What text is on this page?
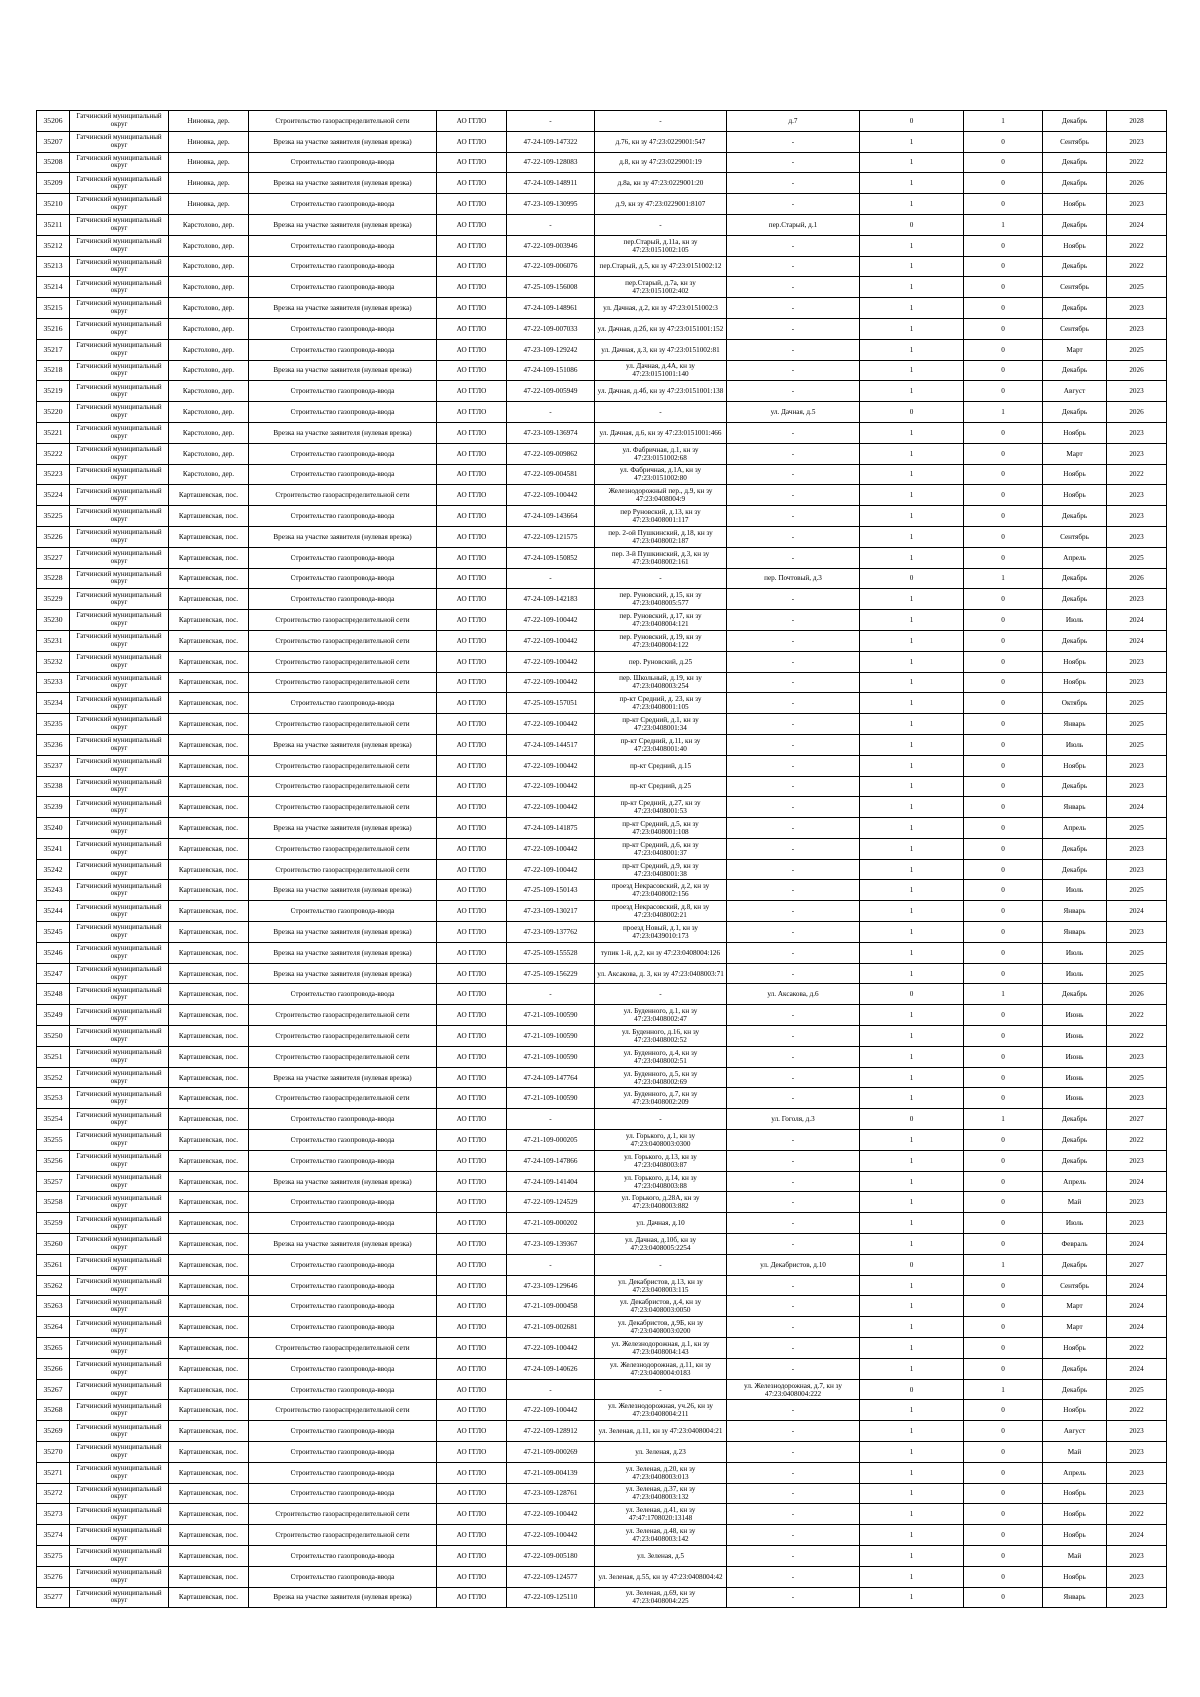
35206	Гатчинский муниципальный округ	Ниновка, дер.	Строительство газораспределительной сети	АО ГГЛО	-	-	д.7	0	1	Декабрь	2028
35207	Гатчинский муниципальный округ	Ниновка, дер.	Врезка на участке заявителя (нулевая врезка)	АО ГГЛО	47-24-109-147322	д.76, кн зу 47:23:0229001:547	-	1	0	Сентябрь	2023
35208	Гатчинский муниципальный округ	Ниновка, дер.	Строительство газопровода-ввода	АО ГГЛО	47-22-109-128083	д.8, кн зу 47:23:0229001:19	-	1	0	Декабрь	2022
35209	Гатчинский муниципальный округ	Ниновка, дер.	Врезка на участке заявителя (нулевая врезка)	АО ГГЛО	47-24-109-148911	д.8а, кн зу 47:23:0229001:20	-	1	0	Декабрь	2026
35210	Гатчинский муниципальный округ	Ниновка, дер.	Строительство газопровода-ввода	АО ГГЛО	47-23-109-130995	д.9, кн зу 47:23:0229001:8107	-	1	0	Ноябрь	2023
35211	Гатчинский муниципальный округ	Карстолово, дер.	Врезка на участке заявителя (нулевая врезка)	АО ГГЛО	-	-	пер.Старый, д.1	0	1	Декабрь	2024
35212	Гатчинский муниципальный округ	Карстолово, дер.	Строительство газопровода-ввода	АО ГГЛО	47-22-109-003946	пер.Старый, д.11а, кн зу 47:23:0151002:105	-	1	0	Ноябрь	2022
35213	Гатчинский муниципальный округ	Карстолово, дер.	Строительство газопровода-ввода	АО ГГЛО	47-22-109-006076	пер.Старый, д.5, кн зу 47:23:0151002:12	-	1	0	Декабрь	2022
35214	Гатчинский муниципальный округ	Карстолово, дер.	Строительство газопровода-ввода	АО ГГЛО	47-25-109-156008	пер.Старый, д.7а, кн зу 47:23:0151002:402	-	1	0	Сентябрь	2025
35215	Гатчинский муниципальный округ	Карстолово, дер.	Врезка на участке заявителя (нулевая врезка)	АО ГГЛО	47-24-109-148961	ул. Дачная, д.2, кн зу 47:23:0151002:3	-	1	0	Декабрь	2023
35216	Гатчинский муниципальный округ	Карстолово, дер.	Строительство газопровода-ввода	АО ГГЛО	47-22-109-007033	ул. Дачная, д.2б, кн зу 47:23:0151001:152	-	1	0	Сентябрь	2023
35217	Гатчинский муниципальный округ	Карстолово, дер.	Строительство газопровода-ввода	АО ГГЛО	47-23-109-129242	ул. Дачная, д.3, кн зу 47:23:0151002:81	-	1	0	Март	2025
35218	Гатчинский муниципальный округ	Карстолово, дер.	Врезка на участке заявителя (нулевая врезка)	АО ГГЛО	47-24-109-151086	ул. Дачная, д.4А, кн зу 47:23:0151001:140	-	1	0	Декабрь	2026
35219	Гатчинский муниципальный округ	Карстолово, дер.	Строительство газопровода-ввода	АО ГГЛО	47-22-109-005949	ул. Дачная, д.4б, кн зу 47:23:0151001:138	-	1	0	Август	2023
35220	Гатчинский муниципальный округ	Карстолово, дер.	Строительство газопровода-ввода	АО ГГЛО	-	-	ул. Дачная, д.5	0	1	Декабрь	2026
35221	Гатчинский муниципальный округ	Карстолово, дер.	Врезка на участке заявителя (нулевая врезка)	АО ГГЛО	47-23-109-136974	ул. Дачная, д.6, кн зу 47:23:0151001:466	-	1	0	Ноябрь	2023
35222	Гатчинский муниципальный округ	Карстолово, дер.	Строительство газопровода-ввода	АО ГГЛО	47-22-109-009862	ул. Фабричная, д.1, кн зу 47:23:0151002:68	-	1	0	Март	2023
35223	Гатчинский муниципальный округ	Карстолово, дер.	Строительство газопровода-ввода	АО ГГЛО	47-22-109-004581	ул. Фабричная, д.1А, кн зу 47:23:0151002:80	-	1	0	Ноябрь	2022
35224	Гатчинский муниципальный округ	Карташевская, пос.	Строительство газораспределительной сети	АО ГГЛО	47-22-109-100442	Железнодорожный пер., д.9, кн зу 47:23:0408004:9	-	1	0	Ноябрь	2023
35225	Гатчинский муниципальный округ	Карташевская, пос.	Строительство газопровода-ввода	АО ГГЛО	47-24-109-143664	пер Руновский, д.13, кн зу 47:23:0408001:117	-	1	0	Декабрь	2023
35226	Гатчинский муниципальный округ	Карташевская, пос.	Врезка на участке заявителя (нулевая врезка)	АО ГГЛО	47-22-109-121575	пер. 2-ой Пушкинский, д.18, кн зу 47:23:0408002:187	-	1	0	Сентябрь	2023
35227	Гатчинский муниципальный округ	Карташевская, пос.	Строительство газопровода-ввода	АО ГГЛО	47-24-109-150852	пер. 3-й Пушкинский, д.3, кн зу 47:23:0408002:161	-	1	0	Апрель	2025
35228	Гатчинский муниципальный округ	Карташевская, пос.	Строительство газопровода-ввода	АО ГГЛО	-	-	пер. Почтовый, д.3	0	1	Декабрь	2026
35229	Гатчинский муниципальный округ	Карташевская, пос.	Строительство газопровода-ввода	АО ГГЛО	47-24-109-142183	пер. Руновский, д.15, кн зу 47:23:0408005:577	-	1	0	Декабрь	2023
35230	Гатчинский муниципальный округ	Карташевская, пос.	Строительство газораспределительной сети	АО ГГЛО	47-22-109-100442	пер. Руновский, д.17, кн зу 47:23:0408004:121	-	1	0	Июль	2024
35231	Гатчинский муниципальный округ	Карташевская, пос.	Строительство газораспределительной сети	АО ГГЛО	47-22-109-100442	пер. Руновский, д.19, кн зу 47:23:0408004:122	-	1	0	Декабрь	2024
35232	Гатчинский муниципальный округ	Карташевская, пос.	Строительство газораспределительной сети	АО ГГЛО	47-22-109-100442	пер. Руновский, д.25	-	1	0	Ноябрь	2023
35233	Гатчинский муниципальный округ	Карташевская, пос.	Строительство газораспределительной сети	АО ГГЛО	47-22-109-100442	пер. Школьный, д.19, кн зу 47:23:0408003:254	-	1	0	Ноябрь	2023
35234	Гатчинский муниципальный округ	Карташевская, пос.	Строительство газопровода-ввода	АО ГГЛО	47-25-109-157051	пр-кт Средний, д. 23, кн зу 47:23:0408001:105	-	1	0	Октябрь	2025
35235	Гатчинский муниципальный округ	Карташевская, пос.	Строительство газораспределительной сети	АО ГГЛО	47-22-109-100442	пр-кт Средний, д.1, кн зу 47:23:0408001:34	-	1	0	Январь	2025
35236	Гатчинский муниципальный округ	Карташевская, пос.	Врезка на участке заявителя (нулевая врезка)	АО ГГЛО	47-24-109-144517	пр-кт Средний, д.11, кн зу 47:23:0408001:40	-	1	0	Июль	2025
35237	Гатчинский муниципальный округ	Карташевская, пос.	Строительство газораспределительной сети	АО ГГЛО	47-22-109-100442	пр-кт Средний, д.15	-	1	0	Ноябрь	2023
35238	Гатчинский муниципальный округ	Карташевская, пос.	Строительство газораспределительной сети	АО ГГЛО	47-22-109-100442	пр-кт Средний, д.25	-	1	0	Декабрь	2023
35239	Гатчинский муниципальный округ	Карташевская, пос.	Строительство газораспределительной сети	АО ГГЛО	47-22-109-100442	пр-кт Средний, д.27, кн зу 47:23:0408001:53	-	1	0	Январь	2024
35240	Гатчинский муниципальный округ	Карташевская, пос.	Врезка на участке заявителя (нулевая врезка)	АО ГГЛО	47-24-109-141875	пр-кт Средний, д.5, кн зу 47:23:0408001:108	-	1	0	Апрель	2025
35241	Гатчинский муниципальный округ	Карташевская, пос.	Строительство газораспределительной сети	АО ГГЛО	47-22-109-100442	пр-кт Средний, д.6, кн зу 47:23:0408001:37	-	1	0	Декабрь	2023
35242	Гатчинский муниципальный округ	Карташевская, пос.	Строительство газораспределительной сети	АО ГГЛО	47-22-109-100442	пр-кт Средний, д.9, кн зу 47:23:0408001:38	-	1	0	Декабрь	2023
35243	Гатчинский муниципальный округ	Карташевская, пос.	Врезка на участке заявителя (нулевая врезка)	АО ГГЛО	47-25-109-150143	проезд Некрасовский, д.2, кн зу 47:23:0408002:156	-	1	0	Июль	2025
35244	Гатчинский муниципальный округ	Карташевская, пос.	Строительство газопровода-ввода	АО ГГЛО	47-23-109-130217	проезд Некрасовский, д.8, кн зу 47:23:0408002:21	-	1	0	Январь	2024
35245	Гатчинский муниципальный округ	Карташевская, пос.	Врезка на участке заявителя (нулевая врезка)	АО ГГЛО	47-23-109-137762	проезд Новый, д.1, кн зу 47:23:0439010:173	-	1	0	Январь	2023
35246	Гатчинский муниципальный округ	Карташевская, пос.	Врезка на участке заявителя (нулевая врезка)	АО ГГЛО	47-25-109-155528	тупик 1-й, д.2, кн зу 47:23:0408004:126	-	1	0	Июль	2025
35247	Гатчинский муниципальный округ	Карташевская, пос.	Врезка на участке заявителя (нулевая врезка)	АО ГГЛО	47-25-109-156229	ул. Аксакова, д. 3, кн зу 47:23:0408003:71	-	1	0	Июль	2025
35248	Гатчинский муниципальный округ	Карташевская, пос.	Строительство газопровода-ввода	АО ГГЛО	-	-	ул. Аксакова, д.6	0	1	Декабрь	2026
35249	Гатчинский муниципальный округ	Карташевская, пос.	Строительство газораспределительной сети	АО ГГЛО	47-21-109-100590	ул. Буденного, д.1, кн зу 47:23:0408002:47	-	1	0	Июнь	2022
35250	Гатчинский муниципальный округ	Карташевская, пос.	Строительство газораспределительной сети	АО ГГЛО	47-21-109-100590	ул. Буденного, д.16, кн зу 47:23:0408002:52	-	1	0	Июнь	2022
35251	Гатчинский муниципальный округ	Карташевская, пос.	Строительство газораспределительной сети	АО ГГЛО	47-21-109-100590	ул. Буденного, д.4, кн зу 47:23:0408002:51	-	1	0	Июнь	2023
35252	Гатчинский муниципальный округ	Карташевская, пос.	Врезка на участке заявителя (нулевая врезка)	АО ГГЛО	47-24-109-147764	ул. Буденного, д.5, кн зу 47:23:0408002:69	-	1	0	Июнь	2025
35253	Гатчинский муниципальный округ	Карташевская, пос.	Строительство газораспределительной сети	АО ГГЛО	47-21-109-100590	ул. Буденного, д.7, кн зу 47:23:0408002:209	-	1	0	Июнь	2023
35254	Гатчинский муниципальный округ	Карташевская, пос.	Строительство газопровода-ввода	АО ГГЛО	-	-	ул. Гоголя, д.3	0	1	Декабрь	2027
35255	Гатчинский муниципальный округ	Карташевская, пос.	Строительство газопровода-ввода	АО ГГЛО	47-21-109-000205	ул. Горького, д.1, кн зу 47:23:0408003:0300	-	1	0	Декабрь	2022
35256	Гатчинский муниципальный округ	Карташевская, пос.	Строительство газопровода-ввода	АО ГГЛО	47-24-109-147866	ул. Горького, д.13, кн зу 47:23:0408003:87	-	1	0	Декабрь	2023
35257	Гатчинский муниципальный округ	Карташевская, пос.	Врезка на участке заявителя (нулевая врезка)	АО ГГЛО	47-24-109-141404	ул. Горького, д.14, кн зу 47:23:0408003:88	-	1	0	Апрель	2024
35258	Гатчинский муниципальный округ	Карташевская, пос.	Строительство газопровода-ввода	АО ГГЛО	47-22-109-124529	ул. Горького, д.28А, кн зу 47:23:0408003:882	-	1	0	Май	2023
35259	Гатчинский муниципальный округ	Карташевская, пос.	Строительство газопровода-ввода	АО ГГЛО	47-21-109-000202	ул. Дачная, д.10	-	1	0	Июль	2023
35260	Гатчинский муниципальный округ	Карташевская, пос.	Врезка на участке заявителя (нулевая врезка)	АО ГГЛО	47-23-109-139367	ул. Дачная, д.10б, кн зу 47:23:0408005:2254	-	1	0	Февраль	2024
35261	Гатчинский муниципальный округ	Карташевская, пос.	Строительство газопровода-ввода	АО ГГЛО	-	-	ул. Декабристов, д.10	0	1	Декабрь	2027
35262	Гатчинский муниципальный округ	Карташевская, пос.	Строительство газопровода-ввода	АО ГГЛО	47-23-109-129646	ул. Декабристов, д.13, кн зу 47:23:0408003:115	-	1	0	Сентябрь	2024
35263	Гатчинский муниципальный округ	Карташевская, пос.	Строительство газопровода-ввода	АО ГГЛО	47-21-109-000458	ул. Декабристов, д.4, кн зу 47:23:0408003:0050	-	1	0	Март	2024
35264	Гатчинский муниципальный округ	Карташевская, пос.	Строительство газопровода-ввода	АО ГГЛО	47-21-109-002681	ул. Декабристов, д.9Б, кн зу 47:23:0408003:0200	-	1	0	Март	2024
35265	Гатчинский муниципальный округ	Карташевская, пос.	Строительство газораспределительной сети	АО ГГЛО	47-22-109-100442	ул. Железнодорожная, д.1, кн зу 47:23:0408004:143	-	1	0	Ноябрь	2022
35266	Гатчинский муниципальный округ	Карташевская, пос.	Строительство газопровода-ввода	АО ГГЛО	47-24-109-140626	ул. Железнодорожная, д.11, кн зу 47:23:0408004:0183	-	1	0	Декабрь	2024
35267	Гатчинский муниципальный округ	Карташевская, пос.	Строительство газопровода-ввода	АО ГГЛО	-	-	ул. Железнодорожная, д.7, кн зу 47:23:0408004:222	0	1	Декабрь	2025
35268	Гатчинский муниципальный округ	Карташевская, пос.	Строительство газораспределительной сети	АО ГГЛО	47-22-109-100442	ул. Железнодорожная, уч.26, кн зу 47:23:0408004:211	-	1	0	Ноябрь	2022
35269	Гатчинский муниципальный округ	Карташевская, пос.	Строительство газопровода-ввода	АО ГГЛО	47-22-109-128912	ул. Зеленая, д.11, кн зу 47:23:0408004:21	-	1	0	Август	2023
35270	Гатчинский муниципальный округ	Карташевская, пос.	Строительство газопровода-ввода	АО ГГЛО	47-21-109-000269	ул. Зеленая, д.23	-	1	0	Май	2023
35271	Гатчинский муниципальный округ	Карташевская, пос.	Строительство газопровода-ввода	АО ГГЛО	47-21-109-004139	ул. Зеленая, д.20, кн зу 47:23:0408003:013	-	1	0	Апрель	2023
35272	Гатчинский муниципальный округ	Карташевская, пос.	Строительство газопровода-ввода	АО ГГЛО	47-23-109-128761	ул. Зеленая, д.37, кн зу 47:23:0408003:132	-	1	0	Ноябрь	2023
35273	Гатчинский муниципальный округ	Карташевская, пос.	Строительство газораспределительной сети	АО ГГЛО	47-22-109-100442	ул. Зеленая, д.41, кн зу 47:47:1708020:13148	-	1	0	Ноябрь	2022
35274	Гатчинский муниципальный округ	Карташевская, пос.	Строительство газораспределительной сети	АО ГГЛО	47-22-109-100442	ул. Зеленая, д.48, кн зу 47:23:0408003:142	-	1	0	Ноябрь	2024
35275	Гатчинский муниципальный округ	Карташевская, пос.	Строительство газопровода-ввода	АО ГГЛО	47-22-109-005180	ул. Зеленая, д.5	-	1	0	Май	2023
35276	Гатчинский муниципальный округ	Карташевская, пос.	Строительство газопровода-ввода	АО ГГЛО	47-22-109-124577	ул. Зеленая, д.55, кн зу 47:23:0408004:42	-	1	0	Ноябрь	2023
35277	Гатчинский муниципальный округ	Карташевская, пос.	Врезка на участке заявителя (нулевая врезка)	АО ГГЛО	47-22-109-125110	ул. Зеленая, д.69, кн зу 47:23:0408004:225	-	1	0	Январь	2023
